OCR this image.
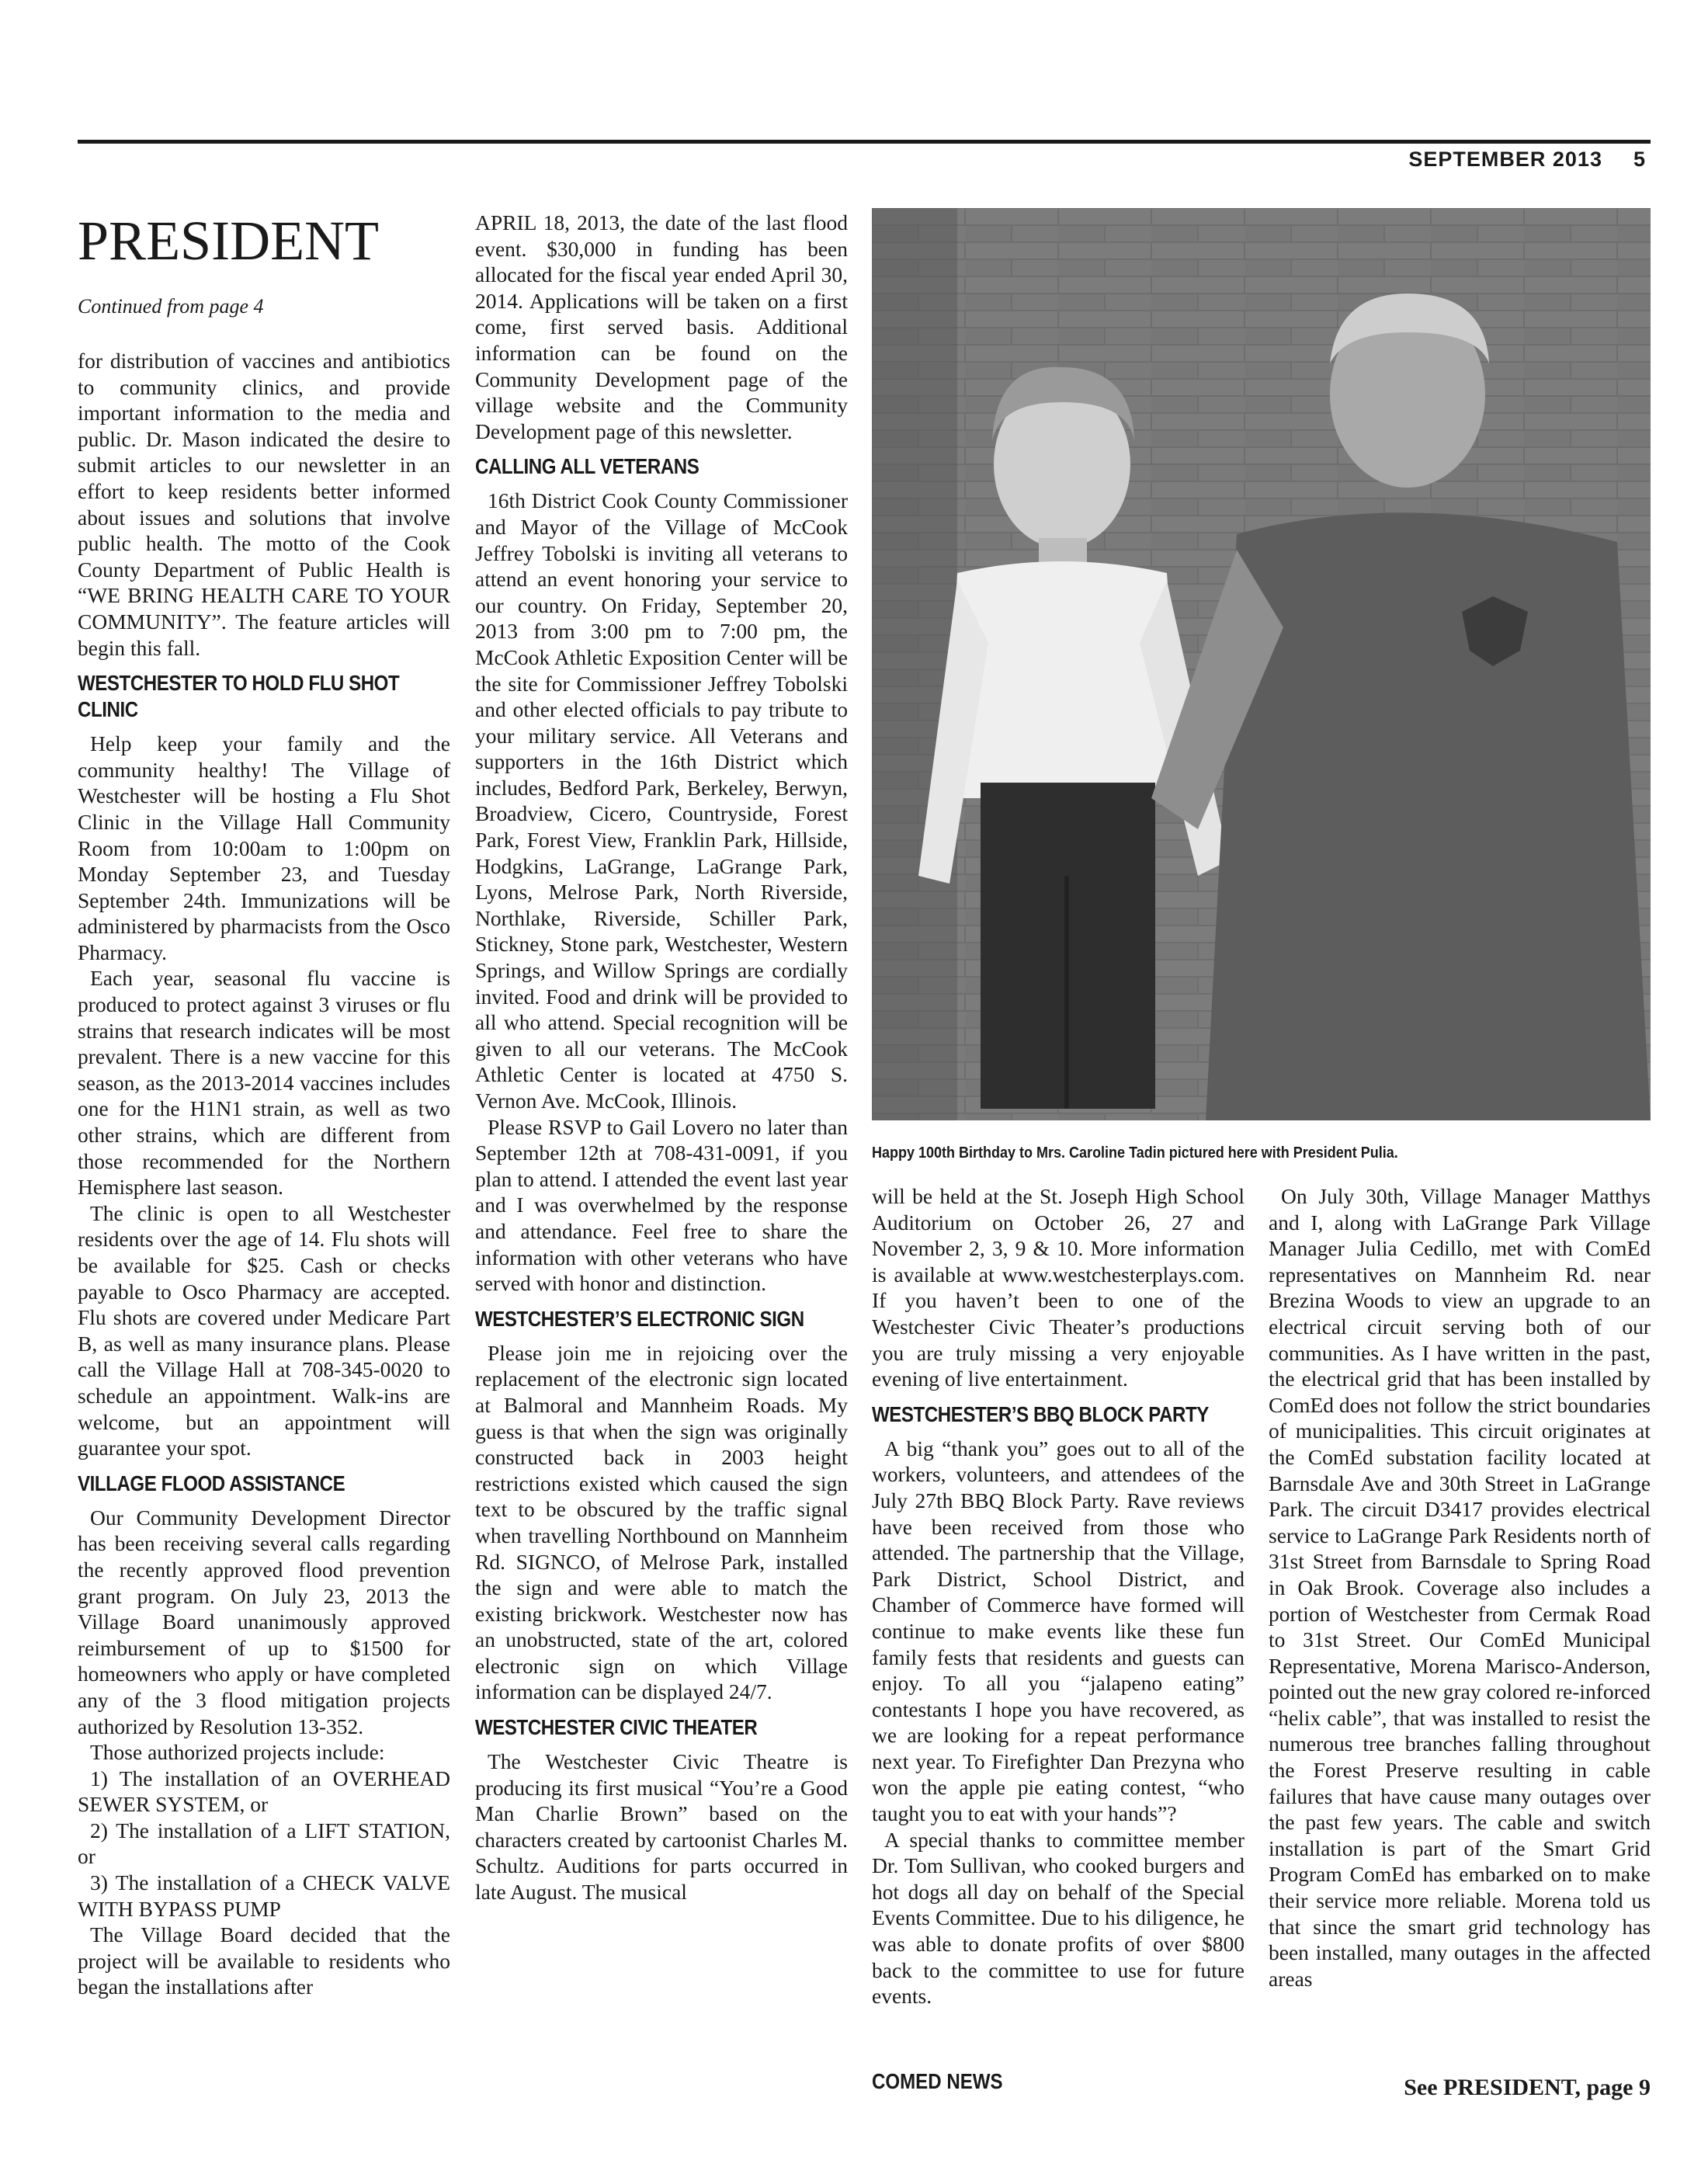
SEPTEMBER 2013 5
PRESIDENT
Continued from page 4

for distribution of vaccines and antibiotics to community clinics, and provide important information to the media and public. Dr. Mason indicated the desire to submit articles to our newsletter in an effort to keep residents better informed about issues and solutions that involve public health. The motto of the Cook County Department of Public Health is “WE BRING HEALTH CARE TO YOUR COMMUNITY”. The feature articles will begin this fall.

WESTCHESTER TO HOLD FLU SHOT CLINIC

Help keep your family and the community healthy! The Village of Westchester will be hosting a Flu Shot Clinic in the Village Hall Community Room from 10:00am to 1:00pm on Monday September 23, and Tuesday September 24th. Immunizations will be administered by pharmacists from the Osco Pharmacy.

Each year, seasonal flu vaccine is produced to protect against 3 viruses or flu strains that research indicates will be most prevalent. There is a new vaccine for this season, as the 2013-2014 vaccines includes one for the H1N1 strain, as well as two other strains, which are different from those recommended for the Northern Hemisphere last season.

The clinic is open to all Westchester residents over the age of 14. Flu shots will be available for $25. Cash or checks payable to Osco Pharmacy are accepted. Flu shots are covered under Medicare Part B, as well as many insurance plans. Please call the Village Hall at 708-345-0020 to schedule an appointment. Walk-ins are welcome, but an appointment will guarantee your spot.

VILLAGE FLOOD ASSISTANCE

Our Community Development Director has been receiving several calls regarding the recently approved flood prevention grant program. On July 23, 2013 the Village Board unanimously approved reimbursement of up to $1500 for homeowners who apply or have completed any of the 3 flood mitigation projects authorized by Resolution 13-352.

Those authorized projects include:

1) The installation of an OVERHEAD SEWER SYSTEM, or

2) The installation of a LIFT STATION, or

3) The installation of a CHECK VALVE WITH BYPASS PUMP

The Village Board decided that the project will be available to residents who began the installations after

APRIL 18, 2013, the date of the last flood event. $30,000 in funding has been allocated for the fiscal year ended April 30, 2014. Applications will be taken on a first come, first served basis. Additional information can be found on the Community Development page of the village website and the Community Development page of this newsletter.

CALLING ALL VETERANS

16th District Cook County Commissioner and Mayor of the Village of McCook Jeffrey Tobolski is inviting all veterans to attend an event honoring your service to our country. On Friday, September 20, 2013 from 3:00 pm to 7:00 pm, the McCook Athletic Exposition Center will be the site for Commissioner Jeffrey Tobolski and other elected officials to pay tribute to your military service. All Veterans and supporters in the 16th District which includes, Bedford Park, Berkeley, Berwyn, Broadview, Cicero, Countryside, Forest Park, Forest View, Franklin Park, Hillside, Hodgkins, LaGrange, LaGrange Park, Lyons, Melrose Park, North Riverside, Northlake, Riverside, Schiller Park, Stickney, Stone park, Westchester, Western Springs, and Willow Springs are cordially invited. Food and drink will be provided to all who attend. Special recognition will be given to all our veterans. The McCook Athletic Center is located at 4750 S. Vernon Ave. McCook, Illinois.

Please RSVP to Gail Lovero no later than September 12th at 708-431-0091, if you plan to attend. I attended the event last year and I was overwhelmed by the response and attendance. Feel free to share the information with other veterans who have served with honor and distinction.

WESTCHESTER’S ELECTRONIC SIGN

Please join me in rejoicing over the replacement of the electronic sign located at Balmoral and Mannheim Roads. My guess is that when the sign was originally constructed back in 2003 height restrictions existed which caused the sign text to be obscured by the traffic signal when travelling Northbound on Mannheim Rd. SIGNCO, of Melrose Park, installed the sign and were able to match the existing brickwork. Westchester now has an unobstructed, state of the art, colored electronic sign on which Village information can be displayed 24/7.

WESTCHESTER CIVIC THEATER

The Westchester Civic Theatre is producing its first musical “You’re a Good Man Charlie Brown” based on the characters created by cartoonist Charles M. Schultz. Auditions for parts occurred in late August. The musical

Happy 100th Birthday to Mrs. Caroline Tadin pictured here with President Pulia.

will be held at the St. Joseph High School Auditorium on October 26, 27 and November 2, 3, 9 & 10. More information is available at www.westchesterplays.com. If you haven’t been to one of the Westchester Civic Theater’s productions you are truly missing a very enjoyable evening of live entertainment.

WESTCHESTER’S BBQ BLOCK PARTY

A big “thank you” goes out to all of the workers, volunteers, and attendees of the July 27th BBQ Block Party. Rave reviews have been received from those who attended. The partnership that the Village, Park District, School District, and Chamber of Commerce have formed will continue to make events like these fun family fests that residents and guests can enjoy. To all you “jalapeno eating” contestants I hope you have recovered, as we are looking for a repeat performance next year. To Firefighter Dan Prezyna who won the apple pie eating contest, “who taught you to eat with your hands”?

A special thanks to committee member Dr. Tom Sullivan, who cooked burgers and hot dogs all day on behalf of the Special Events Committee. Due to his diligence, he was able to donate profits of over $800 back to the committee to use for future events.

COMED NEWS

On July 30th, Village Manager Matthys and I, along with LaGrange Park Village Manager Julia Cedillo, met with ComEd representatives on Mannheim Rd. near Brezina Woods to view an upgrade to an electrical circuit serving both of our communities. As I have written in the past, the electrical grid that has been installed by ComEd does not follow the strict boundaries of municipalities. This circuit originates at the ComEd substation facility located at Barnsdale Ave and 30th Street in LaGrange Park. The circuit D3417 provides electrical service to LaGrange Park Residents north of 31st Street from Barnsdale to Spring Road in Oak Brook. Coverage also includes a portion of Westchester from Cermak Road to 31st Street. Our ComEd Municipal Representative, Morena Marisco-Anderson, pointed out the new gray colored re-inforced “helix cable”, that was installed to resist the numerous tree branches falling throughout the Forest Preserve resulting in cable failures that have cause many outages over the past few years. The cable and switch installation is part of the Smart Grid Program ComEd has embarked on to make their service more reliable. Morena told us that since the smart grid technology has been installed, many outages in the affected areas

See PRESIDENT, page 9
